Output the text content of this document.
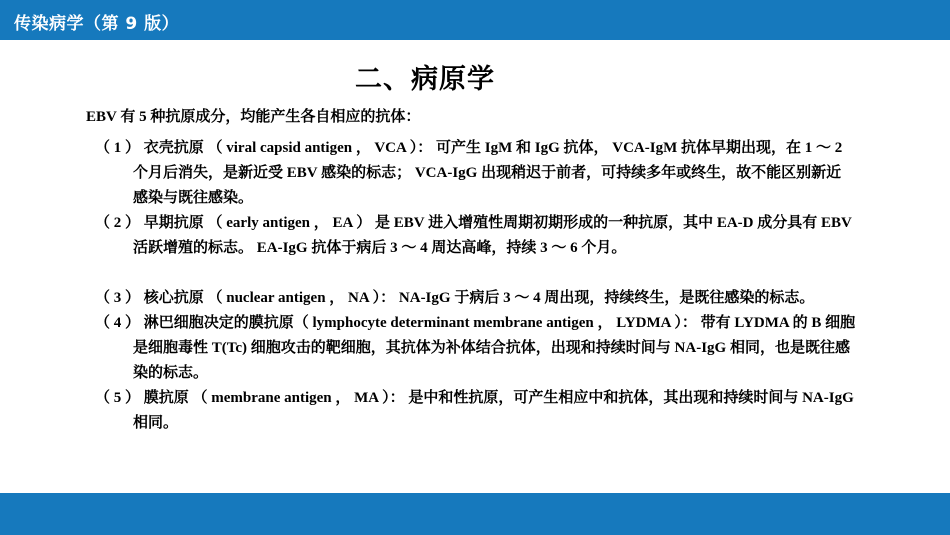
传染病学（第 9 版）
二、病原学
EBV 有 5 种抗原成分，均能产生各自相应的抗体：
（ 1 ） 衣壳抗原 （ viral capsid antigen ， VCA ）： 可产生 IgM 和 IgG 抗体， VCA-IgM 抗体早期出现，在 1 ～ 2 个月后消失，是新近受 EBV 感染的标志； VCA-IgG 出现稍迟于前者，可持续多年或终生，故不能区别新近感染与既往感染。
（ 2 ） 早期抗原 （ early antigen ， EA ） 是 EBV 进入增殖性周期初期形成的一种抗原，其中 EA-D 成分具有 EBV 活跃增殖的标志。 EA-IgG 抗体于病后 3 ～ 4 周达高峰，持续 3 ～ 6 个月。
（ 3 ） 核心抗原 （ nuclear antigen ， NA ）： NA-IgG 于病后 3 ～ 4 周出现，持续终生，是既往感染的标志。
（ 4 ） 淋巴细胞决定的膜抗原（ lymphocyte determinant membrane antigen ， LYDMA ）： 带有 LYDMA 的 B 细胞是细胞毒性 T(Tc) 细胞攻击的靶细胞，其抗体为补体结合抗体，出现和持续时间与 NA-IgG 相同，也是既往感染的标志。
（ 5 ） 膜抗原 （ membrane antigen ， MA ）： 是中和性抗原，可产生相应中和抗体，其出现和持续时间与 NA-IgG 相同。
